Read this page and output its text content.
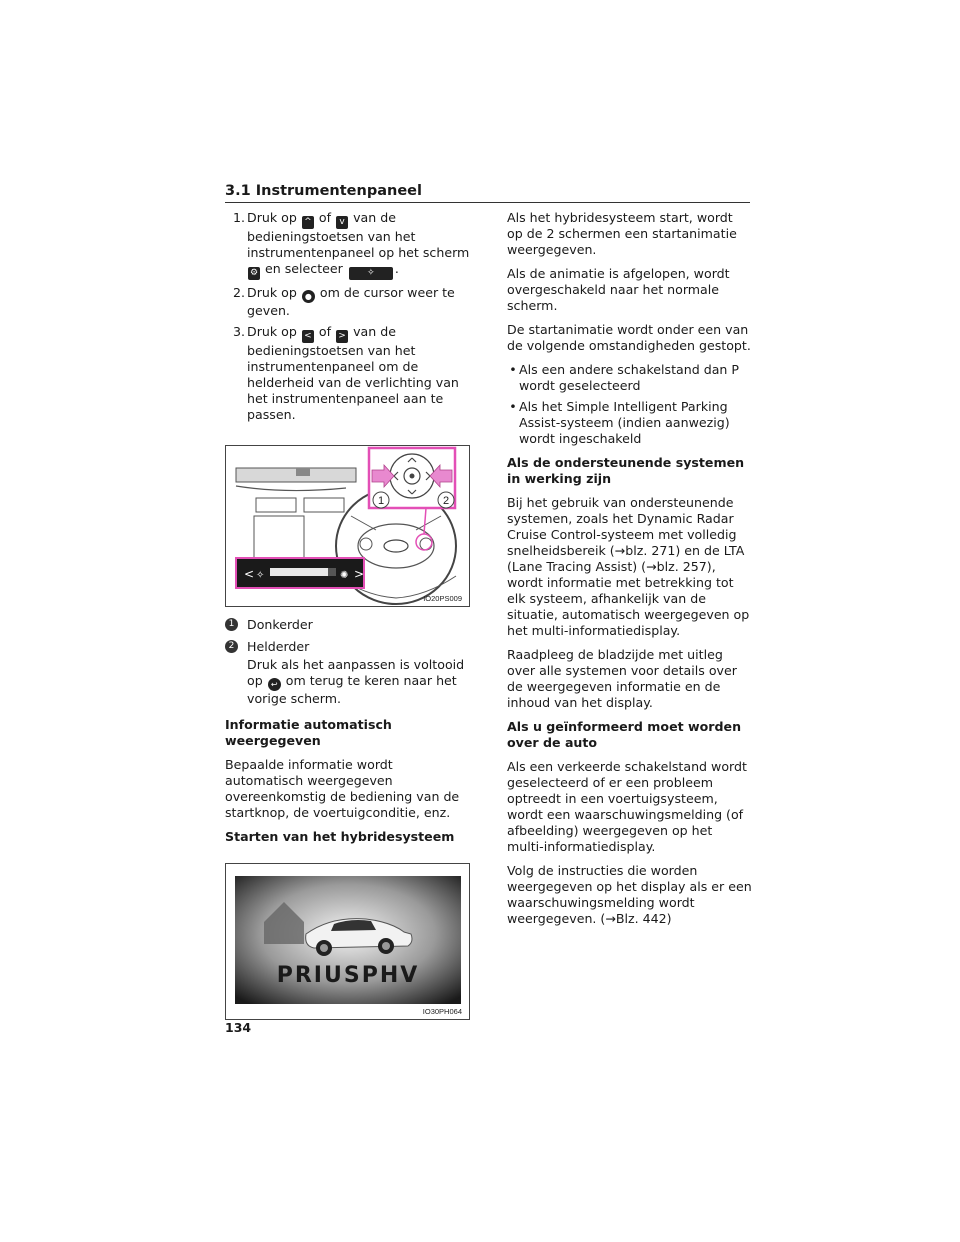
3.1 Instrumentenpaneel
1. Druk op ^ of v van de bedieningstoetsen van het instrumentenpaneel op het scherm
⚙ en selecteer	✧ .
2. Druk op ● om de cursor weer te geven.
3. Druk op < of > van de bedieningstoetsen van het instrumentenpaneel om de helderheid van de verlichting van het instrumentenpaneel aan te passen.
1	2
< ✧	✺ >
IO20PS009
1 Donkerder
2 Helderder

Druk als het aanpassen is voltooid op ↩ om terug te keren naar het vorige scherm.

Informatie automatisch weergegeven

Bepaalde informatie wordt automatisch weergegeven overeenkomstig de bediening van de startknop, de voertuigconditie, enz.

Starten van het hybridesysteem

PRIUSPHV
IO30PH064

Als het hybridesysteem start, wordt op de 2 schermen een startanimatie weergegeven.

Als de animatie is afgelopen, wordt overgeschakeld naar het normale scherm.

De startanimatie wordt onder een van de volgende omstandigheden gestopt.

• Als een andere schakelstand dan P wordt geselecteerd
• Als het Simple Intelligent Parking Assist-systeem (indien aanwezig) wordt ingeschakeld

Als de ondersteunende systemen in werking zijn

Bij het gebruik van ondersteunende systemen, zoals het Dynamic Radar Cruise Control-systeem met volledig snelheidsbereik (→blz. 271) en de LTA (Lane Tracing Assist) (→blz. 257), wordt informatie met betrekking tot elk systeem, afhankelijk van de situatie, automatisch weergegeven op het multi-informatiedisplay.

Raadpleeg de bladzijde met uitleg over alle systemen voor details over de weergegeven informatie en de inhoud van het display.

Als u geïnformeerd moet worden over de auto

Als een verkeerde schakelstand wordt geselecteerd of er een probleem optreedt in een voertuigsysteem, wordt een waarschuwingsmelding (of afbeelding) weergegeven op het multi-informatiedisplay.

Volg de instructies die worden weergegeven op het display als er een waarschuwingsmelding wordt weergegeven. (→Blz. 442)

134
